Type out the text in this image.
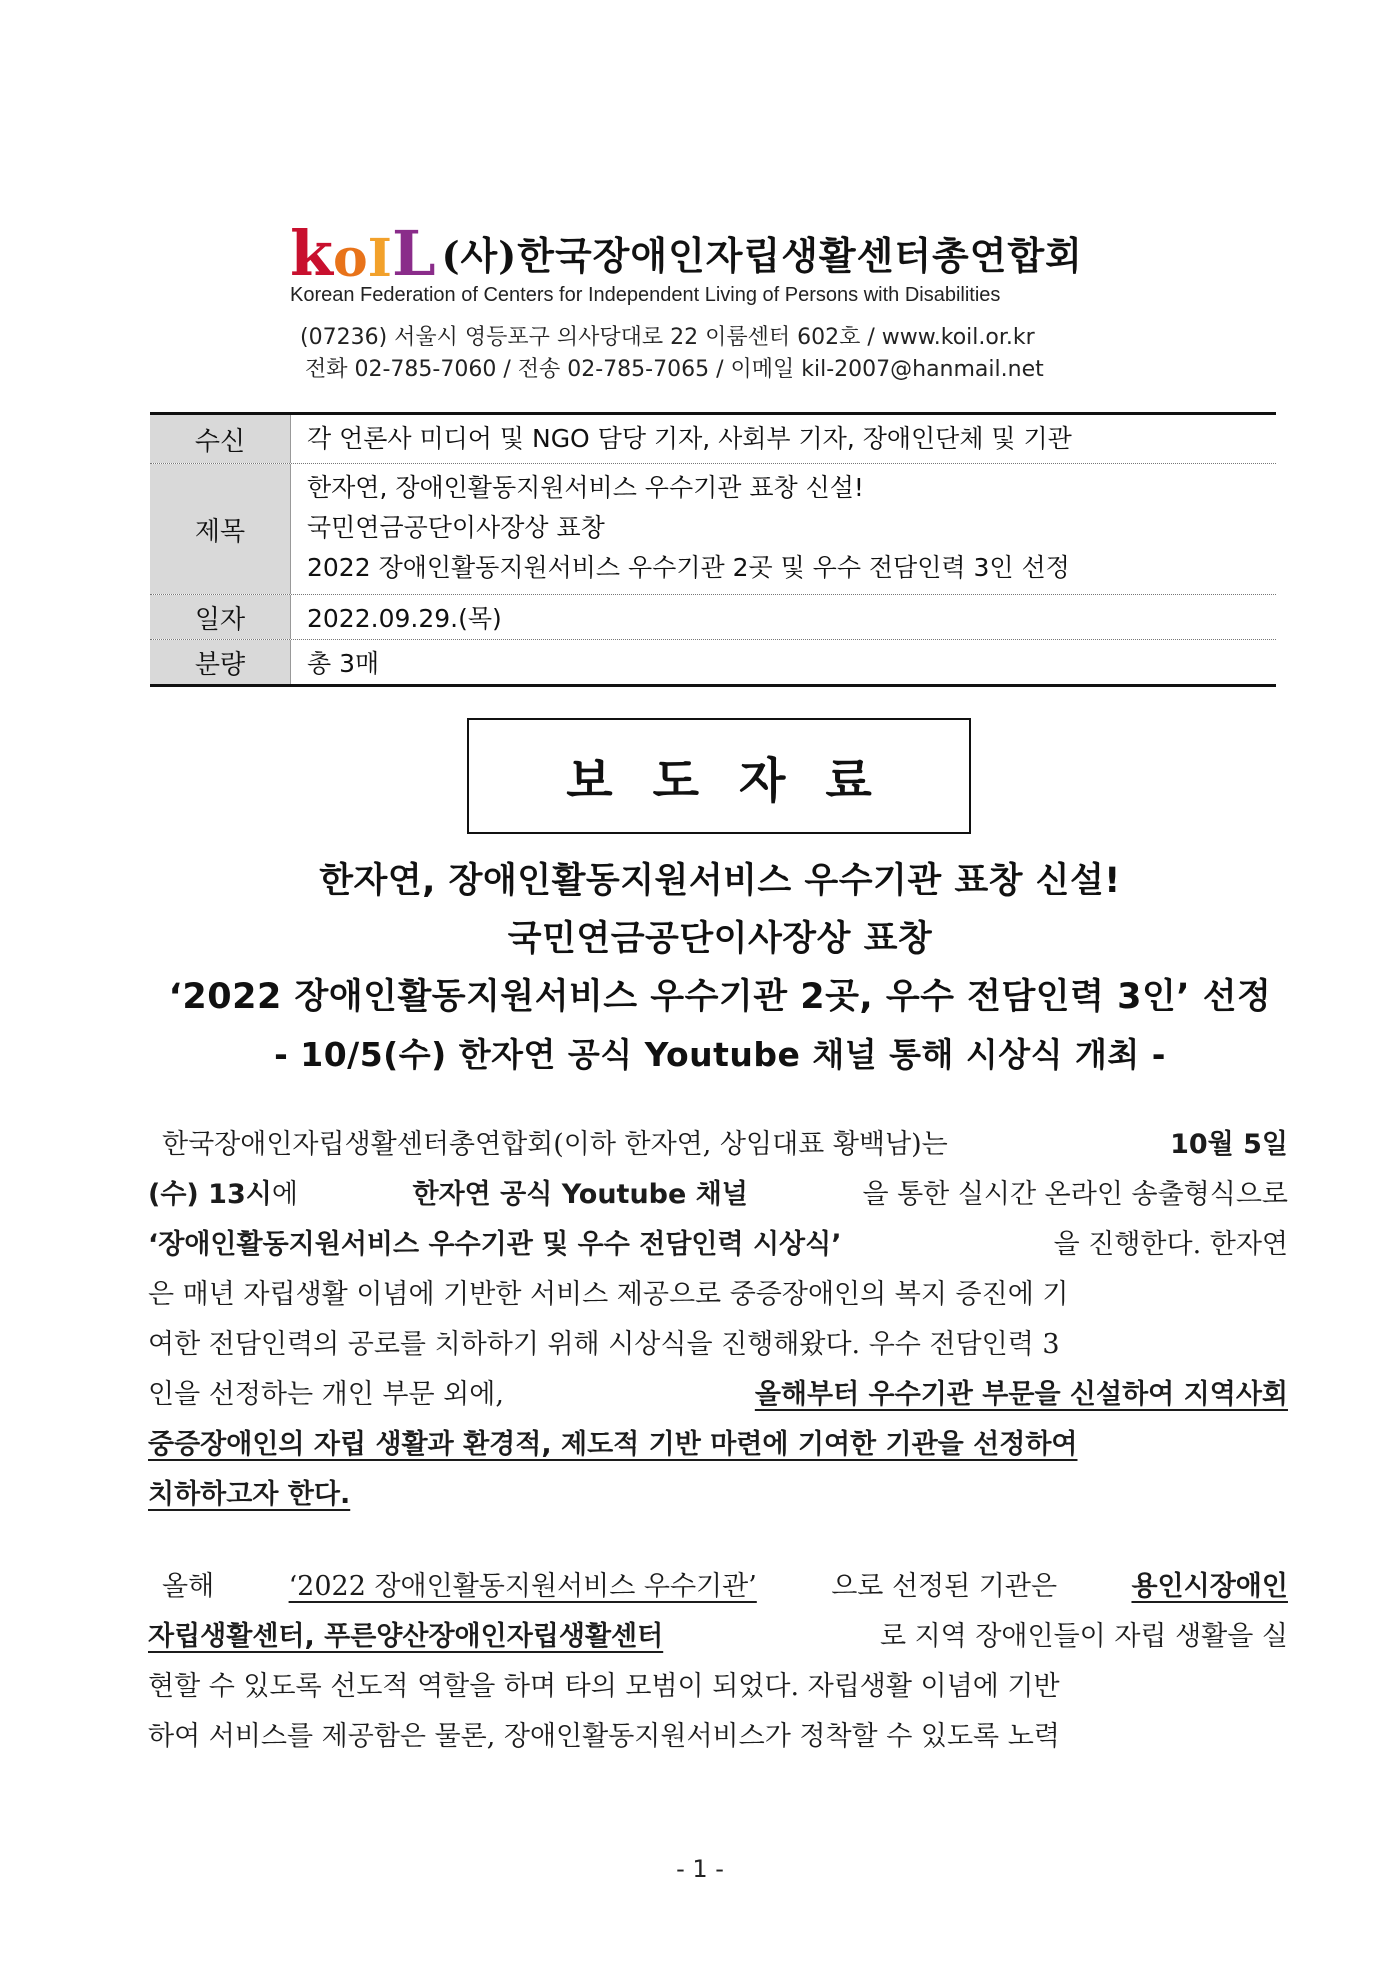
k o I L (사)한국장애인자립생활센터총연합회
Korean Federation of Centers for Independent Living of Persons with Disabilities
(07236) 서울시 영등포구 의사당대로 22 이룸센터 602호 / www.koil.or.kr
전화 02-785-7060 / 전송 02-785-7065 / 이메일 kil-2007@hanmail.net
수신	각 언론사 미디어 및 NGO 담당 기자, 사회부 기자, 장애인단체 및 기관
제목
한자연, 장애인활동지원서비스 우수기관 표창 신설!
국민연금공단이사장상 표창
2022 장애인활동지원서비스 우수기관 2곳 및 우수 전담인력 3인 선정
일자	2022.09.29.(목)
분량	총 3매
보도자료
한자연, 장애인활동지원서비스 우수기관 표창 신설!
국민연금공단이사장상 표창
‘2022 장애인활동지원서비스 우수기관 2곳, 우수 전담인력 3인’ 선정
- 10/5(수) 한자연 공식 Youtube 채널 통해 시상식 개최 -
한국장애인자립생활센터총연합회(이하 한자연, 상임대표 황백남)는	10월 5일
(수) 13시에	한자연 공식 Youtube 채널	을 통한 실시간 온라인 송출형식으로
‘장애인활동지원서비스 우수기관 및 우수 전담인력 시상식’	을 진행한다. 한자연
은 매년 자립생활 이념에 기반한 서비스 제공으로 중증장애인의 복지 증진에 기
여한 전담인력의 공로를 치하하기 위해 시상식을 진행해왔다. 우수 전담인력 3
인을 선정하는 개인 부문 외에,	올해부터 우수기관 부문을 신설하여 지역사회
중증장애인의 자립 생활과 환경적, 제도적 기반 마련에 기여한 기관을 선정하여
치하하고자 한다.
올해	‘2022 장애인활동지원서비스 우수기관’	으로 선정된 기관은	용인시장애인
자립생활센터, 푸른양산장애인자립생활센터	로 지역 장애인들이 자립 생활을 실
현할 수 있도록 선도적 역할을 하며 타의 모범이 되었다. 자립생활 이념에 기반
하여 서비스를 제공함은 물론, 장애인활동지원서비스가 정착할 수 있도록 노력
- 1 -
